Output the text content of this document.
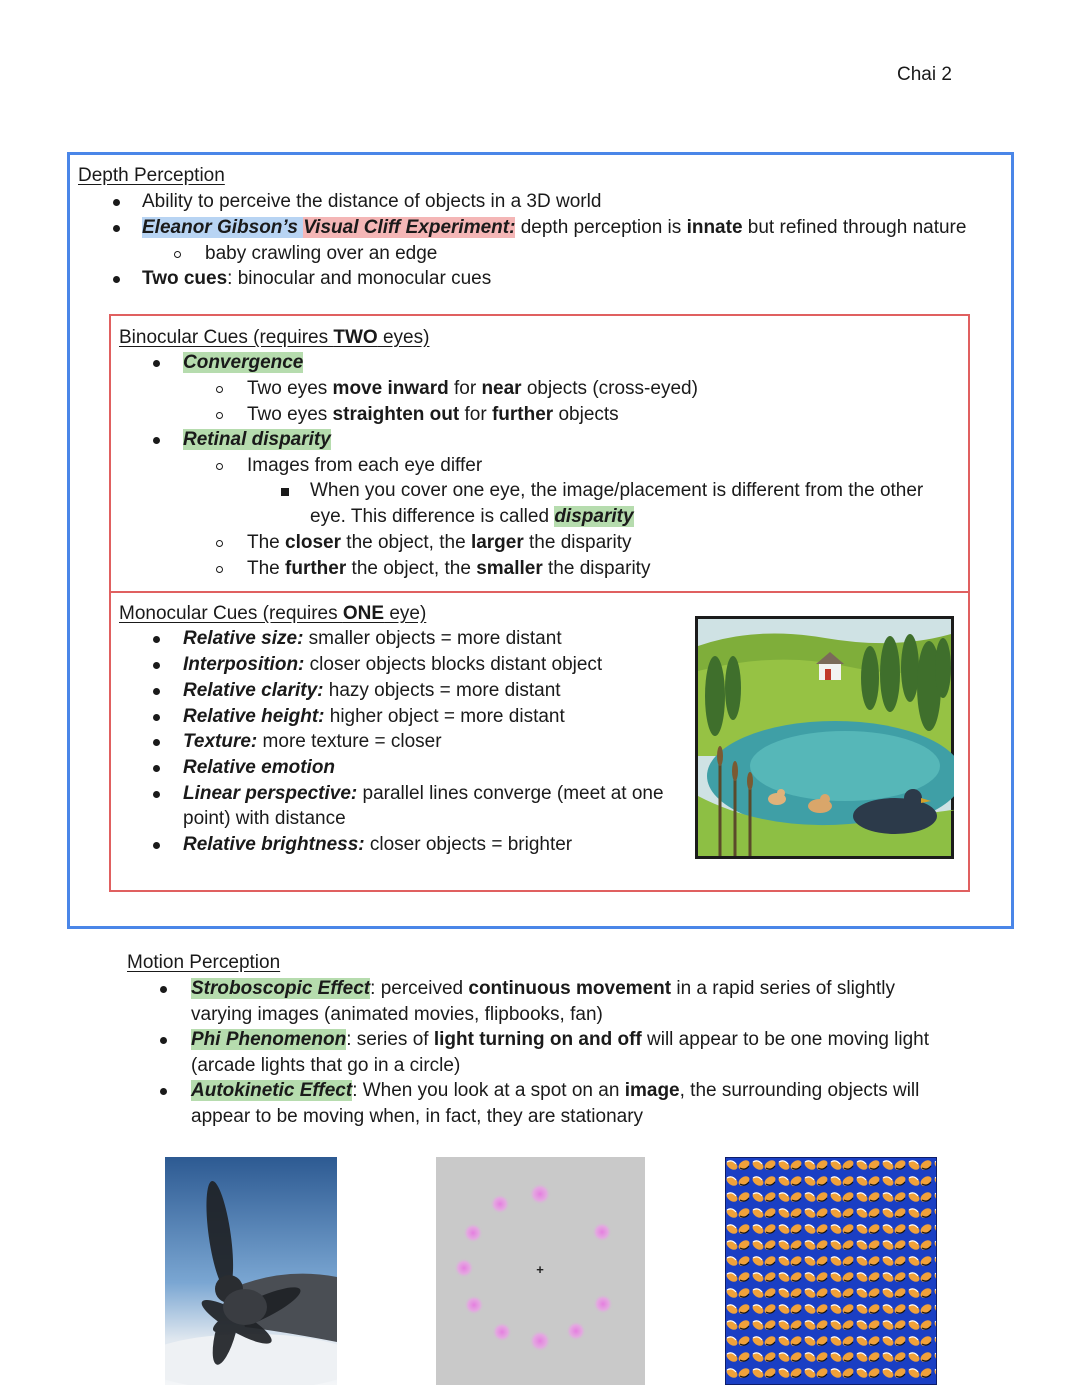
Chai 2
Depth Perception
Ability to perceive the distance of objects in a 3D world
Eleanor Gibson’s Visual Cliff Experiment: depth perception is innate but refined through nature
baby crawling over an edge
Two cues: binocular and monocular cues
Binocular Cues (requires TWO eyes)
Convergence
Two eyes move inward for near objects (cross-eyed)
Two eyes straighten out for further objects
Retinal disparity
Images from each eye differ
When you cover one eye, the image/placement is different from the other
eye. This difference is called disparity
The closer the object, the larger the disparity
The further the object, the smaller the disparity
Monocular Cues (requires ONE eye)
Relative size: smaller objects = more distant
Interposition: closer objects blocks distant object
Relative clarity: hazy objects = more distant
Relative height: higher object = more distant
Texture: more texture = closer
Relative emotion
Linear perspective: parallel lines converge (meet at one
point) with distance
Relative brightness: closer objects = brighter
Motion Perception
Stroboscopic Effect: perceived continuous movement in a rapid series of slightly
varying images (animated movies, flipbooks, fan)
Phi Phenomenon: series of light turning on and off will appear to be one moving light
(arcade lights that go in a circle)
Autokinetic Effect: When you look at a spot on an image, the surrounding objects will
appear to be moving when, in fact, they are stationary
+
